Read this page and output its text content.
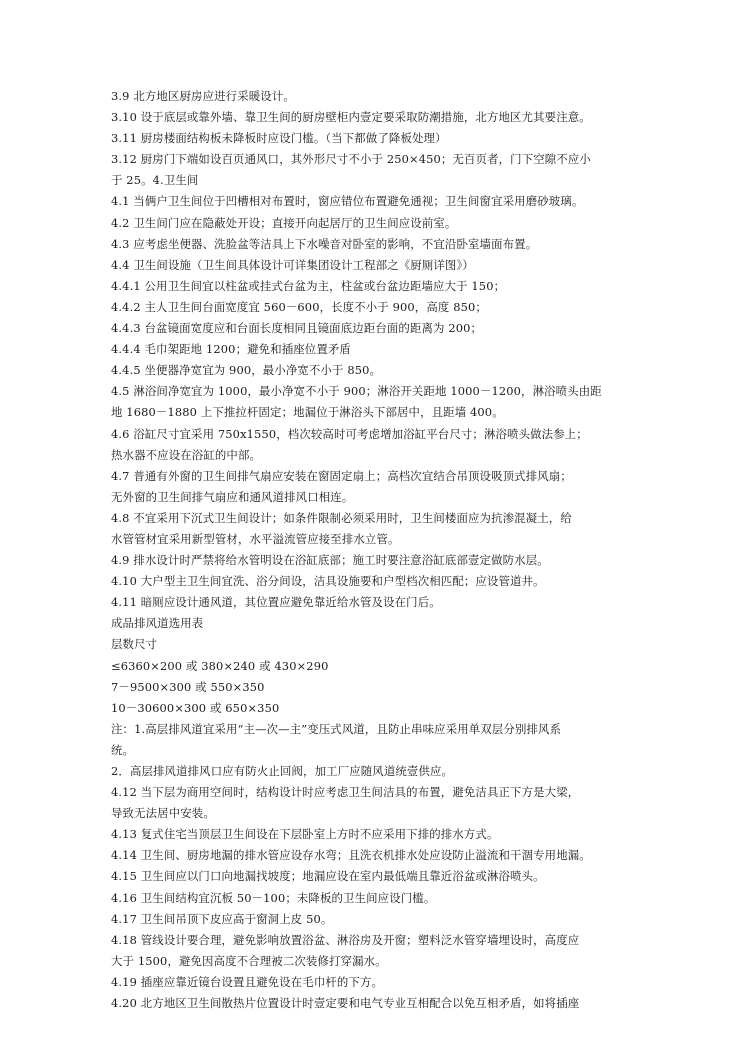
3.9 北方地区厨房应进行采暖设计。
3.10 设于底层或靠外墙、靠卫生间的厨房壁柜内壹定要采取防潮措施，北方地区尤其要注意。
3.11 厨房楼面结构板未降板时应设门槛。（当下都做了降板处理）
3.12 厨房门下端如设百页通风口，其外形尺寸不小于 250×450；无百页者，门下空隙不应小
于 25。4.卫生间
4.1 当俩户卫生间位于凹槽相对布置时，窗应错位布置避免通视；卫生间窗宜采用磨砂玻璃。
4.2 卫生间门应在隐蔽处开设；直接开向起居厅的卫生间应设前室。
4.3 应考虑坐便器、洗脸盆等洁具上下水噪音对卧室的影响，不宜沿卧室墙面布置。
4.4 卫生间设施（卫生间具体设计可详集团设计工程部之《厨厕详图》）
4.4.1 公用卫生间宜以柱盆或挂式台盆为主，柱盆或台盆边距墙应大于 150；
4.4.2 主人卫生间台面宽度宜 560－600，长度不小于 900，高度 850；
4.4.3 台盆镜面宽度应和台面长度相同且镜面底边距台面的距离为 200；
4.4.4 毛巾架距地 1200；避免和插座位置矛盾
4.4.5 坐便器净宽宜为 900，最小净宽不小于 850。
4.5 淋浴间净宽宜为 1000，最小净宽不小于 900；淋浴开关距地 1000－1200，淋浴喷头由距
地 1680－1880 上下推拉杆固定；地漏位于淋浴头下部居中，且距墙 400。
4.6 浴缸尺寸宜采用 750x1550，档次较高时可考虑增加浴缸平台尺寸；淋浴喷头做法参上；
热水器不应设在浴缸的中部。
4.7 普通有外窗的卫生间排气扇应安装在窗固定扇上；高档次宜结合吊顶设吸顶式排风扇；
无外窗的卫生间排气扇应和通风道排风口相连。
4.8 不宜采用下沉式卫生间设计；如条件限制必须采用时，卫生间楼面应为抗渗混凝土，给
水管管材宜采用新型管材，水平溢流管应接至排水立管。
4.9 排水设计时严禁将给水管明设在浴缸底部；施工时要注意浴缸底部壹定做防水层。
4.10 大户型主卫生间宜洗、浴分间设，洁具设施要和户型档次相匹配；应设管道井。
4.11 暗厕应设计通风道，其位置应避免靠近给水管及设在门后。
成品排风道选用表
层数尺寸
≤6360×200 或 380×240 或 430×290
7－9500×300 或 550×350
10－30600×300 或 650×350
注：1.高层排风道宜采用“主—次—主”变压式风道，且防止串味应采用单双层分别排风系
统。
2．高层排风道排风口应有防火止回阀，加工厂应随风道统壹供应。
4.12 当下层为商用空间时，结构设计时应考虑卫生间洁具的布置，避免洁具正下方是大梁，
导致无法居中安装。
4.13 复式住宅当顶层卫生间设在下层卧室上方时不应采用下排的排水方式。
4.14 卫生间、厨房地漏的排水管应设存水弯；且洗衣机排水处应设防止溢流和干涸专用地漏。
4.15 卫生间应以门口向地漏找坡度；地漏应设在室内最低端且靠近浴盆或淋浴喷头。
4.16 卫生间结构宜沉板 50－100；未降板的卫生间应设门槛。
4.17 卫生间吊顶下皮应高于窗洞上皮 50。
4.18 管线设计要合理，避免影响放置浴盆、淋浴房及开窗；塑料泛水管穿墙埋设时，高度应
大于 1500，避免因高度不合理被二次装修打穿漏水。
4.19 插座应靠近镜台设置且避免设在毛巾杆的下方。
4.20 北方地区卫生间散热片位置设计时壹定要和电气专业互相配合以免互相矛盾，如将插座
